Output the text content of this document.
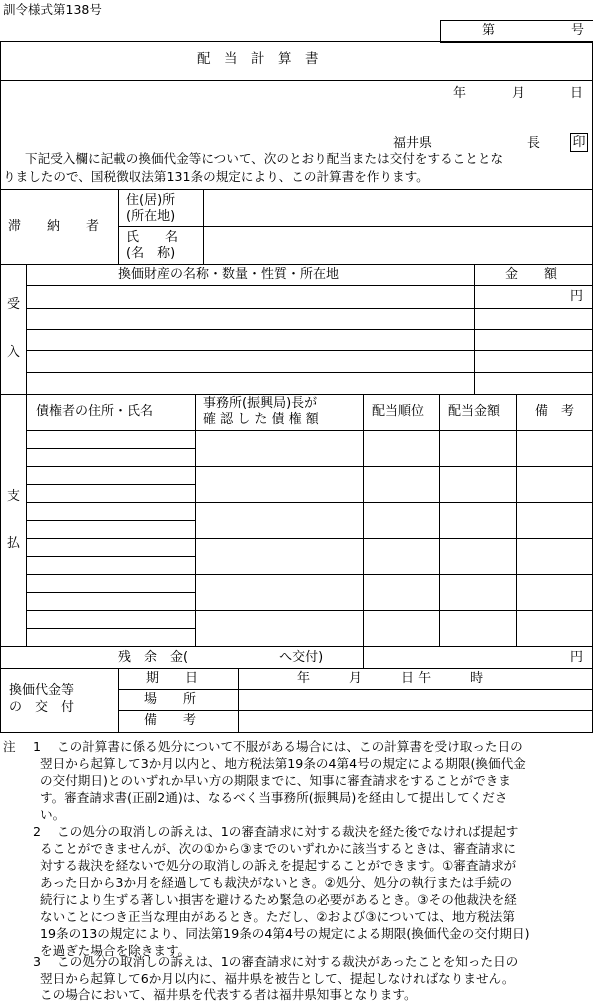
訓令様式第138号
第	号
配　当　計　算　書
年	月	日
福井県	長 印
下記受入欄に記載の換価代金等について、次のとおり配当または交付をすることとな
りましたので、国税徴収法第131条の規定により、この計算書を作ります。
滞　　納　　者
住(居)所
(所在地)
氏　　名
(名　称)
受
入
換価財産の名称・数量・性質・所在地	金　　額
円
支
払
債権者の住所・氏名
事務所(振興局)長が
確 認 し た 債 権 額
配当順位 配当金額	備　考
残　余　金(　　　　　　　へ交付)	円
換価代金等
の　交　付
期　　日	年　　　月　　　日 午　　　時
場　　所
備　　考
注 1 この計算書に係る処分について不服がある場合には、この計算書を受け取った日の
翌日から起算して3か月以内と、地方税法第19条の4第4号の規定による期限(換価代金
の交付期日)とのいずれか早い方の期限までに、知事に審査請求をすることができま
す。審査請求書(正副2通)は、なるべく当事務所(振興局)を経由して提出してくださ
い。
2 この処分の取消しの訴えは、1の審査請求に対する裁決を経た後でなければ提起す
ることができませんが、次の①から③までのいずれかに該当するときは、審査請求に
対する裁決を経ないで処分の取消しの訴えを提起することができます。①審査請求が
あった日から3か月を経過しても裁決がないとき。②処分、処分の執行または手続の
続行により生ずる著しい損害を避けるため緊急の必要があるとき。③その他裁決を経
ないことにつき正当な理由があるとき。ただし、②および③については、地方税法第
19条の13の規定により、同法第19条の4第4号の規定による期限(換価代金の交付期日)
を過ぎた場合を除きます。
3 この処分の取消しの訴えは、1の審査請求に対する裁決があったことを知った日の
翌日から起算して6か月以内に、福井県を被告として、提起しなければなりません。
この場合において、福井県を代表する者は福井県知事となります。
